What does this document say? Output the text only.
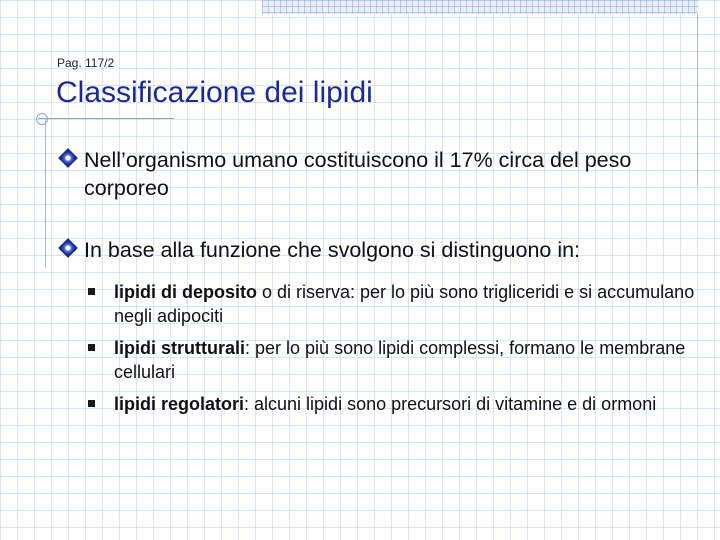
Pag. 117/2
Classificazione dei lipidi
Nell’organismo umano costituiscono il 17% circa del peso corporeo
In base alla funzione che svolgono si distinguono in:
lipidi di deposito o di riserva: per lo più sono trigliceridi e si accumulano negli adipociti
lipidi strutturali: per lo più sono lipidi complessi, formano le membrane cellulari
lipidi regolatori: alcuni lipidi sono precursori di vitamine e di ormoni
